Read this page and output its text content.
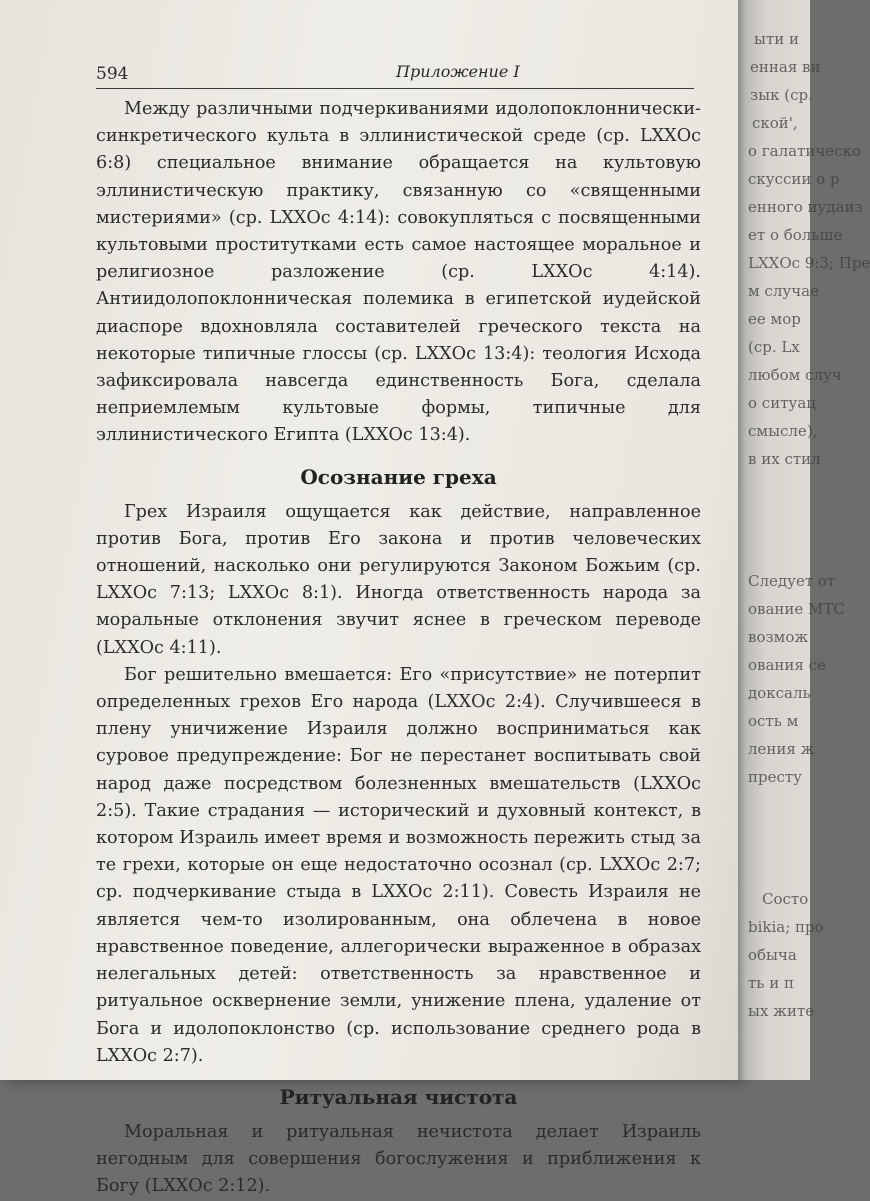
594	Приложение I

Между различными подчеркиваниями идолопоклоннически-синкретического культа в эллинистической среде (ср. LXXОс 6:8) специальное внимание обращается на культовую эллинистическую практику, связанную со «священными мистериями» (ср. LXXОс 4:14): совокупляться с посвященными культовыми проститутками есть самое настоящее моральное и религиозное разложение (ср. LXXОс 4:14). Антиидолопоклонническая полемика в египетской иудейской диаспоре вдохновляла составителей греческого текста на некоторые типичные глоссы (ср. LXXОс 13:4): теология Исхода зафиксировала навсегда единственность Бога, сделала неприемлемым культовые формы, типичные для эллинистического Египта (LXXОс 13:4).

Осознание греха

Грех Израиля ощущается как действие, направленное против Бога, против Его закона и против человеческих отношений, насколько они регулируются Законом Божьим (ср. LXXОс 7:13; LXXОс 8:1). Иногда ответственность народа за моральные отклонения звучит яснее в греческом переводе (LXXОс 4:11).

Бог решительно вмешается: Его «присутствие» не потерпит определенных грехов Его народа (LXXОс 2:4). Случившееся в плену уничижение Израиля должно восприниматься как суровое предупреждение: Бог не перестанет воспитывать свой народ даже посредством болезненных вмешательств (LXXОс 2:5). Такие страдания — исторический и духовный контекст, в котором Израиль имеет время и возможность пережить стыд за те грехи, которые он еще недостаточно осознал (ср. LXXОс 2:7; ср. подчеркивание стыда в LXXОс 2:11). Совесть Израиля не является чем-то изолированным, она облечена в новое нравственное поведение, аллегорически выраженное в образах нелегальных детей: ответственность за нравственное и ритуальное осквернение земли, унижение плена, удаление от Бога и идолопоклонство (ср. использование среднего рода в LXXОс 2:7).

Ритуальная чистота

Моральная и ритуальная нечистота делает Израиль негодным для совершения богослужения и приближения к Богу (LXXОс 2:12).

ыти и
енная ви
зык (ср.
ской',
о галатическо
скуссии о р
енного иудаиз
ет о больше
LXXОс 9:3; Пре
м случае
ее мор
(ср. Lх
любом случ
о ситуац
смысле),
в их стил
Следует от
ование МТС
возмож
ования се
доксаль
ость м
ления ж
престу
Состо
bikia; про
обыча
ть и п
ых жите
